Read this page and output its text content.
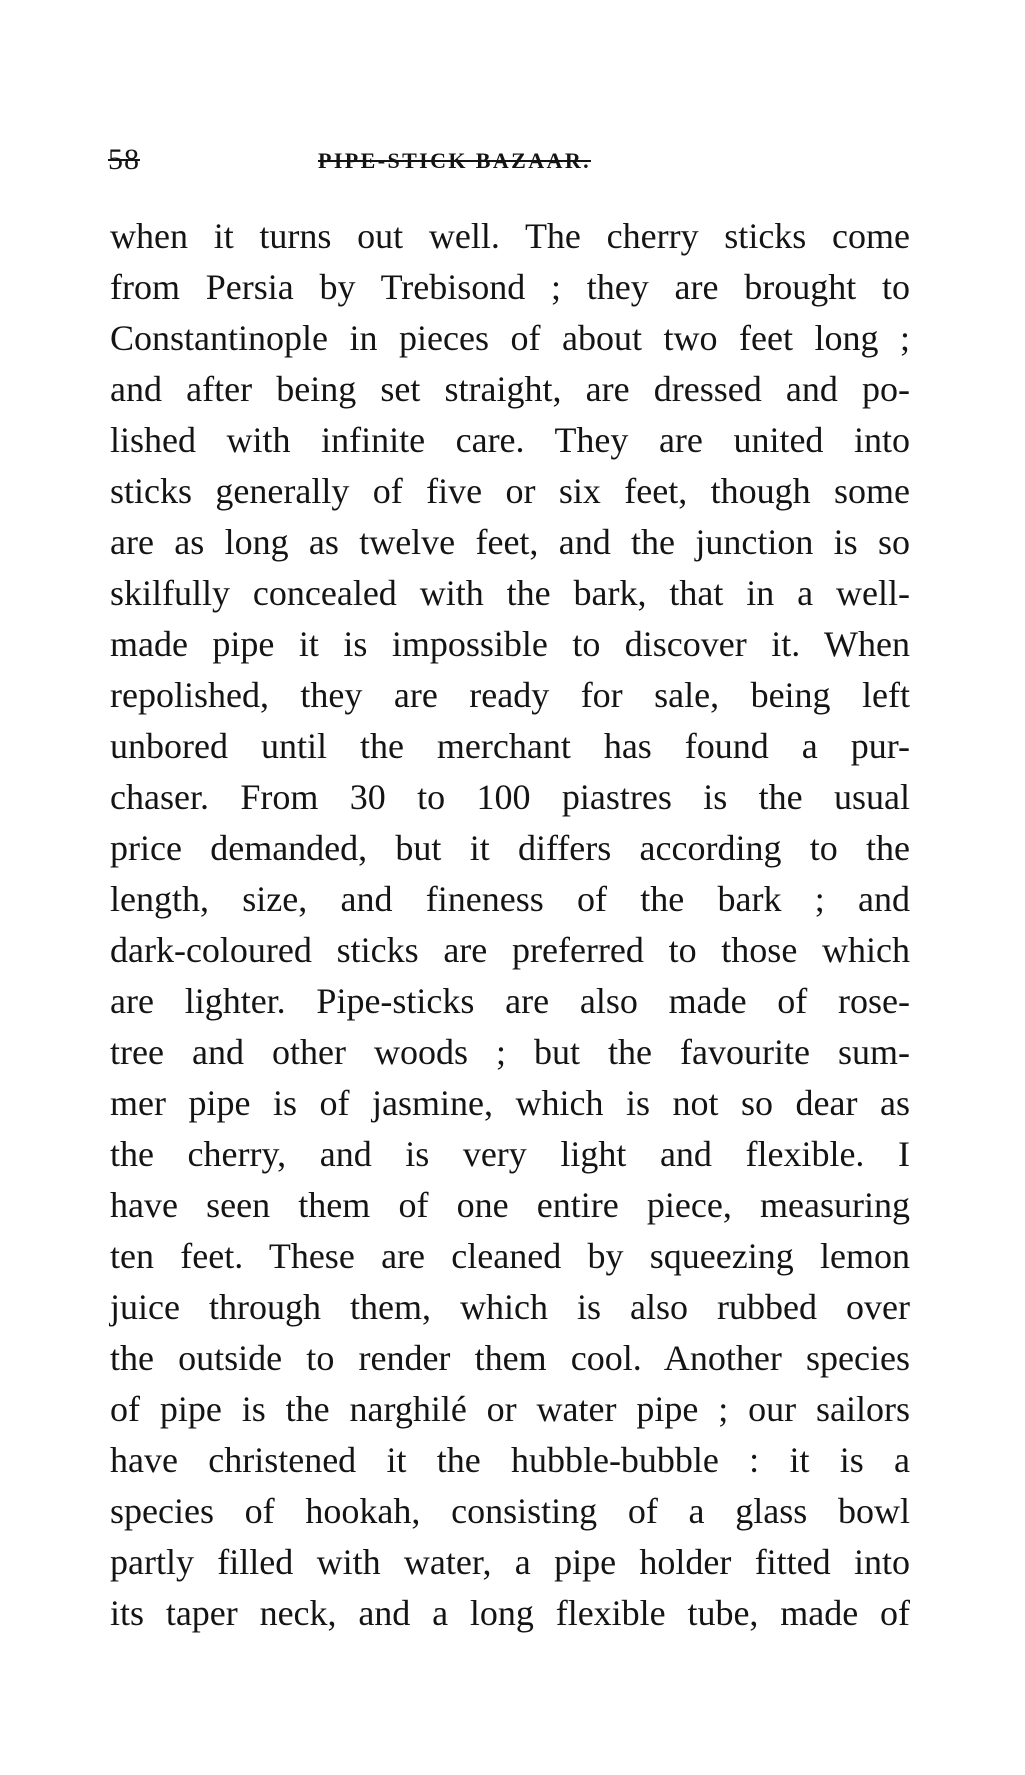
58	PIPE-STICK BAZAAR.
when it turns out well. The cherry sticks come
from Persia by Trebisond ; they are brought to
Constantinople in pieces of about two feet long ;
and after being set straight, are dressed and po-
lished with infinite care. They are united into
sticks generally of five or six feet, though some
are as long as twelve feet, and the junction is so
skilfully concealed with the bark, that in a well-
made pipe it is impossible to discover it. When
repolished, they are ready for sale, being left
unbored until the merchant has found a pur-
chaser. From 30 to 100 piastres is the usual
price demanded, but it differs according to the
length, size, and fineness of the bark ; and
dark-coloured sticks are preferred to those which
are lighter. Pipe-sticks are also made of rose-
tree and other woods ; but the favourite sum-
mer pipe is of jasmine, which is not so dear as
the cherry, and is very light and flexible. I
have seen them of one entire piece, measuring
ten feet. These are cleaned by squeezing lemon
juice through them, which is also rubbed over
the outside to render them cool. Another species
of pipe is the narghilé or water pipe ; our sailors
have christened it the hubble-bubble : it is a
species of hookah, consisting of a glass bowl
partly filled with water, a pipe holder fitted into
its taper neck, and a long flexible tube, made of
